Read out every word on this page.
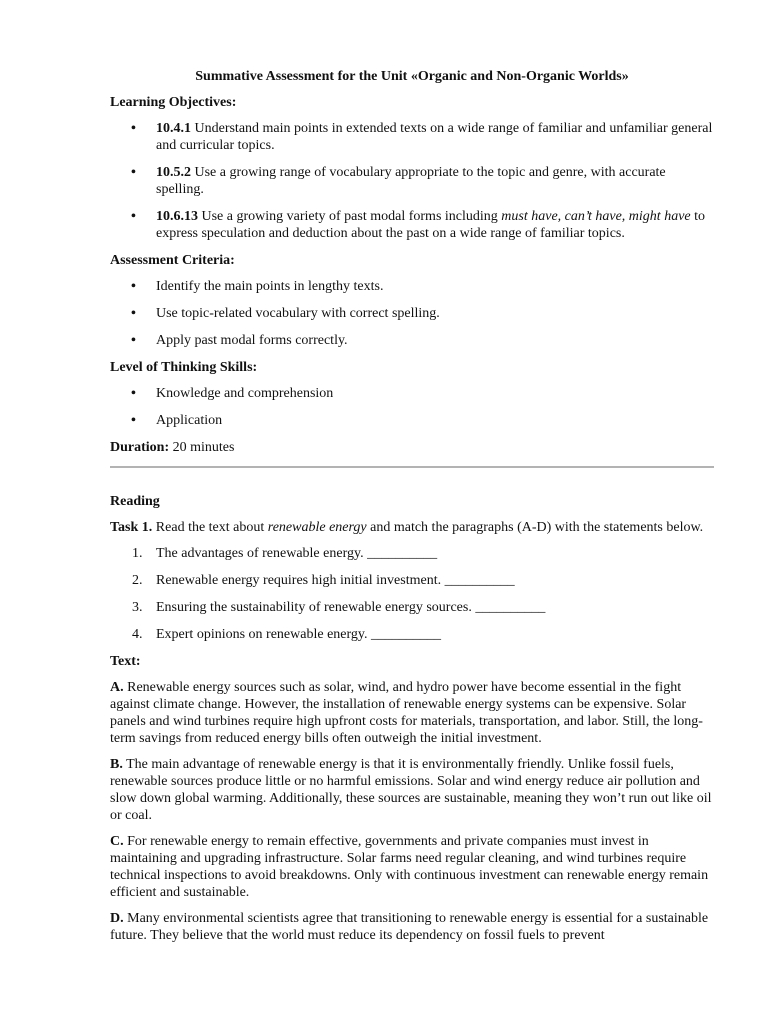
Summative Assessment for the Unit «Organic and Non-Organic Worlds»

Learning Objectives:

• 10.4.1 Understand main points in extended texts on a wide range of familiar and unfamiliar general and curricular topics.
• 10.5.2 Use a growing range of vocabulary appropriate to the topic and genre, with accurate spelling.
• 10.6.13 Use a growing variety of past modal forms including must have, can’t have, might have to express speculation and deduction about the past on a wide range of familiar topics.

Assessment Criteria:

• Identify the main points in lengthy texts.
• Use topic-related vocabulary with correct spelling.
• Apply past modal forms correctly.

Level of Thinking Skills:

• Knowledge and comprehension
• Application

Duration: 20 minutes

Reading

Task 1. Read the text about renewable energy and match the paragraphs (A-D) with the statements below.

1. The advantages of renewable energy. __________
2. Renewable energy requires high initial investment. __________
3. Ensuring the sustainability of renewable energy sources. __________
4. Expert opinions on renewable energy. __________

Text:

A. Renewable energy sources such as solar, wind, and hydro power have become essential in the fight against climate change. However, the installation of renewable energy systems can be expensive. Solar panels and wind turbines require high upfront costs for materials, transportation, and labor. Still, the long-term savings from reduced energy bills often outweigh the initial investment.

B. The main advantage of renewable energy is that it is environmentally friendly. Unlike fossil fuels, renewable sources produce little or no harmful emissions. Solar and wind energy reduce air pollution and slow down global warming. Additionally, these sources are sustainable, meaning they won’t run out like oil or coal.

C. For renewable energy to remain effective, governments and private companies must invest in maintaining and upgrading infrastructure. Solar farms need regular cleaning, and wind turbines require technical inspections to avoid breakdowns. Only with continuous investment can renewable energy remain efficient and sustainable.

D. Many environmental scientists agree that transitioning to renewable energy is essential for a sustainable future. They believe that the world must reduce its dependency on fossil fuels to prevent
